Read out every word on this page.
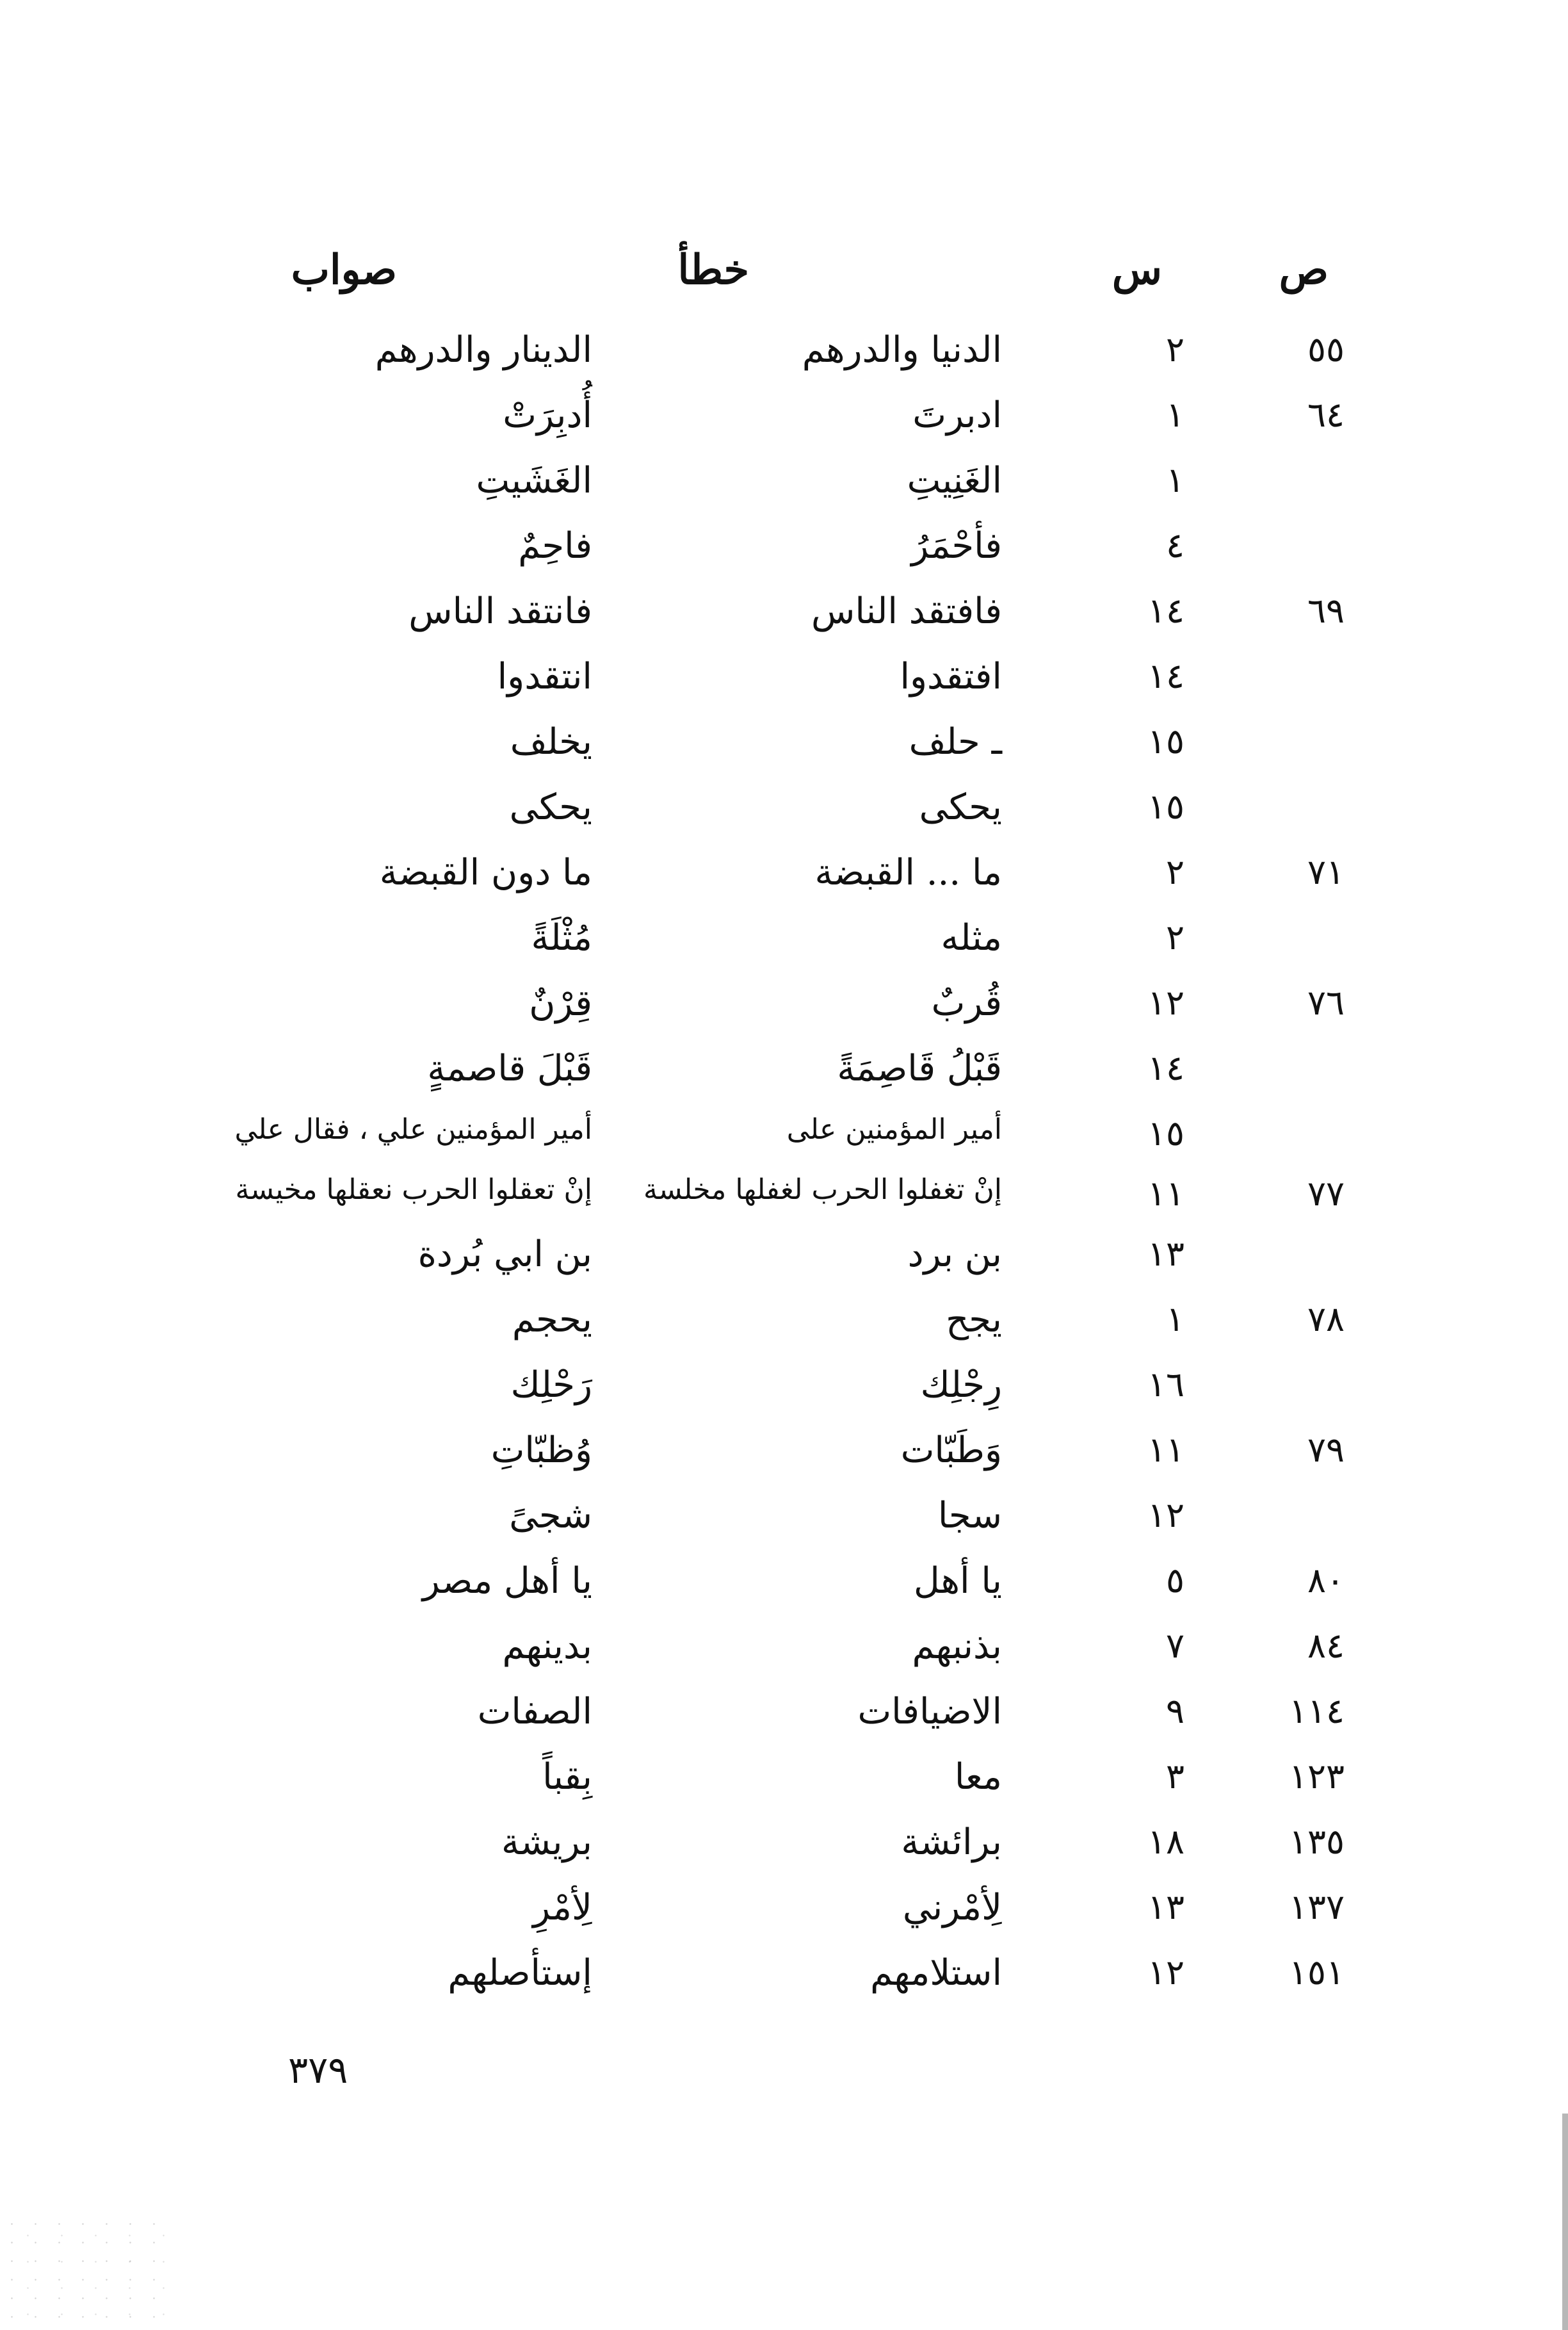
ص
س
خطأ
صواب
٥٥
٢
الدنيا والدرهم
الدينار والدرهم
٦٤
١
ادبرتَ
أُدبِرَتْ
١
الغَنِيتِ
الغَشَيتِ
٤
فأحْمَرُ
فاحِمٌ
٦٩
١٤
فافتقد الناس
فانتقد الناس
١٤
افتقدوا
انتقدوا
١٥
ـ حلف
يخلف
١٥
يحكى
يحكى
٧١
٢
ما ... القبضة
ما دون القبضة
٢
مثله
مُثْلَةً
٧٦
١٢
قُربٌ
قِرْنٌ
١٤
قَبْلُ قَاصِمَةً
قَبْلَ قاصمةٍ
١٥
أمير المؤمنين على
أمير المؤمنين علي ، فقال علي
٧٧
١١
إنْ تغفلوا الحرب لغفلها مخلسة
إنْ تعقلوا الحرب نعقلها مخيسة
١٣
بن برد
بن ابي بُردة
٧٨
١
يجح
يحجم
١٦
رِجْلِك
رَحْلِك
٧٩
١١
وَطَبّات
وُظبّاتِ
١٢
سجا
شجىً
٨٠
٥
يا أهل
يا أهل مصر
٨٤
٧
بذنبهم
بدينهم
١١٤
٩
الاضيافات
الصفات
١٢٣
٣
معا
بِقباً
١٣٥
١٨
برائشة
بريشة
١٣٧
١٣
لِأمْرني
لِأمْرِ
١٥١
١٢
استلامهم
إستأصلهم
٣٧٩
